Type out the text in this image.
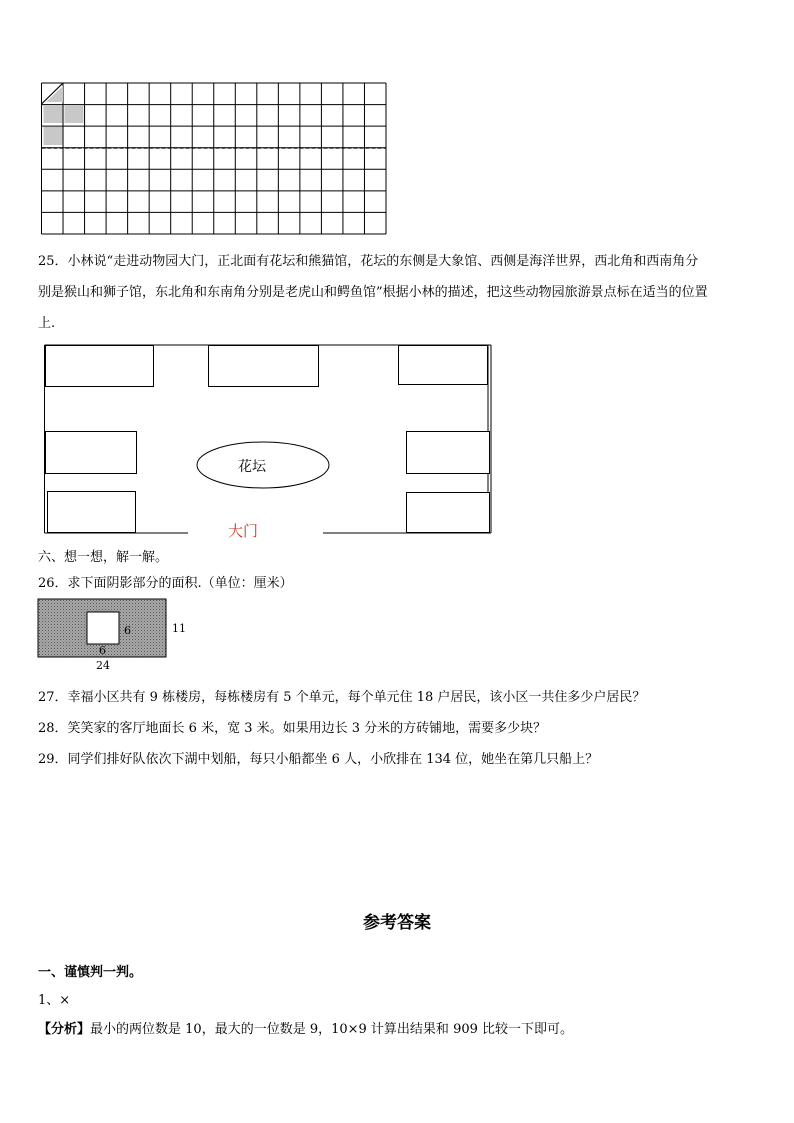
25．小林说“走进动物园大门，正北面有花坛和熊猫馆，花坛的东侧是大象馆、西侧是海洋世界，西北角和西南角分
别是猴山和狮子馆，东北角和东南角分别是老虎山和鳄鱼馆”根据小林的描述，把这些动物园旅游景点标在适当的位置
上.
花坛
大门
六、想一想，解一解。
26．求下面阴影部分的面积.（单位：厘米）
6
6
11
24
27．幸福小区共有 9 栋楼房，每栋楼房有 5 个单元，每个单元住 18 户居民，该小区一共住多少户居民？
28．笑笑家的客厅地面长 6 米，宽 3 米。如果用边长 3 分米的方砖铺地，需要多少块？
29．同学们排好队依次下湖中划船，每只小船都坐 6 人，小欣排在 134 位，她坐在第几只船上？
参考答案
一、谨慎判一判。
1、×
【分析】最小的两位数是 10，最大的一位数是 9，10×9 计算出结果和 909 比较一下即可。
